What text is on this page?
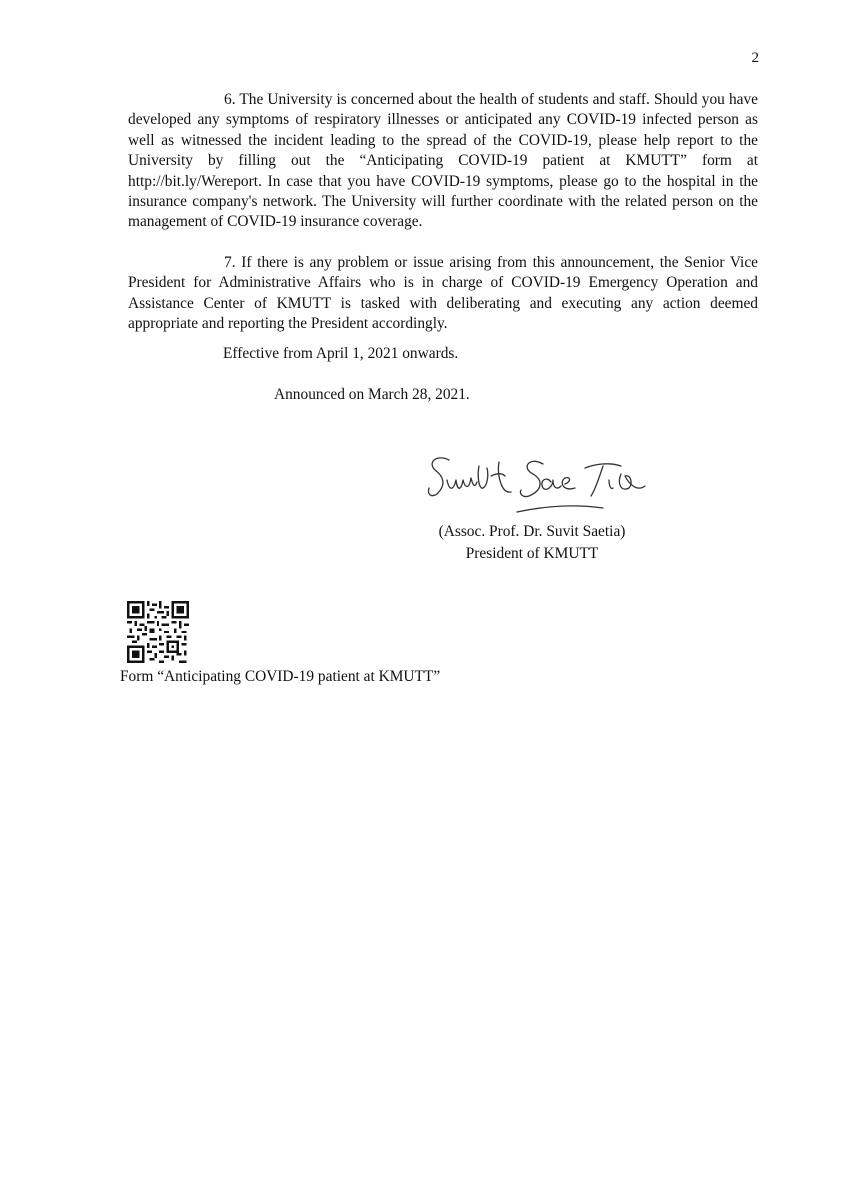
2

6. The University is concerned about the health of students and staff. Should you have developed any symptoms of respiratory illnesses or anticipated any COVID-19 infected person as well as witnessed the incident leading to the spread of the COVID-19, please help report to the University by filling out the “Anticipating COVID-19 patient at KMUTT” form at http://bit.ly/Wereport. In case that you have COVID-19 symptoms, please go to the hospital in the insurance company's network. The University will further coordinate with the related person on the management of COVID-19 insurance coverage.

7. If there is any problem or issue arising from this announcement, the Senior Vice President for Administrative Affairs who is in charge of COVID-19 Emergency Operation and Assistance Center of KMUTT is tasked with deliberating and executing any action deemed appropriate and reporting the President accordingly.

Effective from April 1, 2021 onwards.

Announced on March 28, 2021.

(Assoc. Prof. Dr. Suvit Saetia)

President of KMUTT

Form “Anticipating COVID-19 patient at KMUTT”
